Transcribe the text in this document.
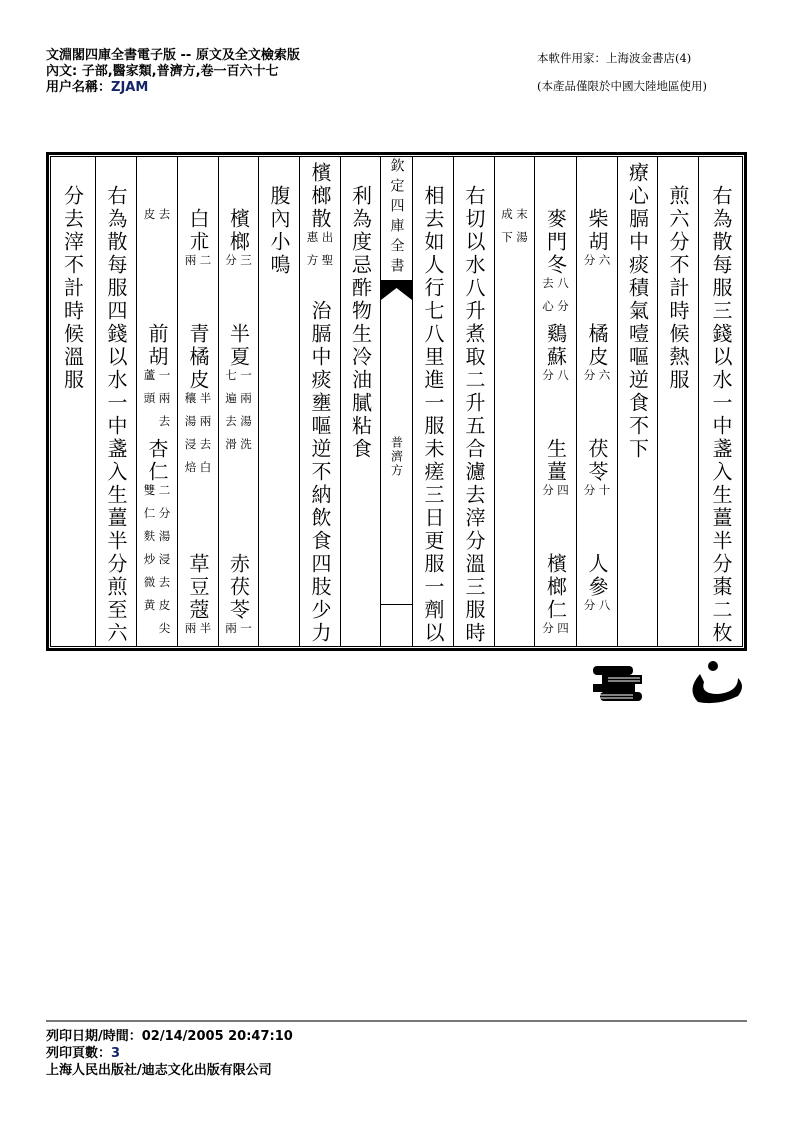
文淵閣四庫全書電子版 -- 原文及全文檢索版
內文: 子部,醫家類,普濟方,卷一百六十七
用户名稱：ZJAM
本軟件用家：上海波金書店(4)
(本產品僅限於中國大陸地區使用)
右為散每服三錢以水一中盞入生薑半分棗二枚
煎六分不計時候熱服
療心膈中痰積氣噎嘔逆食不下
　柴胡
六
分
　　橘皮
六
分
　　茯苓
十
分
　　人參
八
分
　麥門冬
八分
去心
鷄蘇
八
分
　　生薑
四
分
　　檳榔仁
四
分

末湯
成下
右切以水八升煮取二升五合濾去滓分溫三服時
相去如人行七八里進一服未瘥三日更服一劑以
欽定四庫全書
普濟方
利為度忌酢物生冷油膩粘食
檳榔散
出聖
惠方
　治膈中痰壅嘔逆不納飲食四肢少力
腹內小鳴
　檳榔
三
分
　　半夏
一兩湯洗
七遍去滑
　　　　赤茯苓
一
兩
　白朮
二
兩
　　青橘皮
半兩去白
穰湯浸焙
　　　草豆蔻
半
兩

去
皮
　　　　前胡
一兩去
蘆頭
杏仁
二分湯浸去皮尖
雙仁麩炒微黄
右為散每服四錢以水一中盞入生薑半分煎至六
分去滓不計時候溫服
列印日期/時間：02/14/2005 20:47:10
列印頁數：3
上海人民出版社/迪志文化出版有限公司
